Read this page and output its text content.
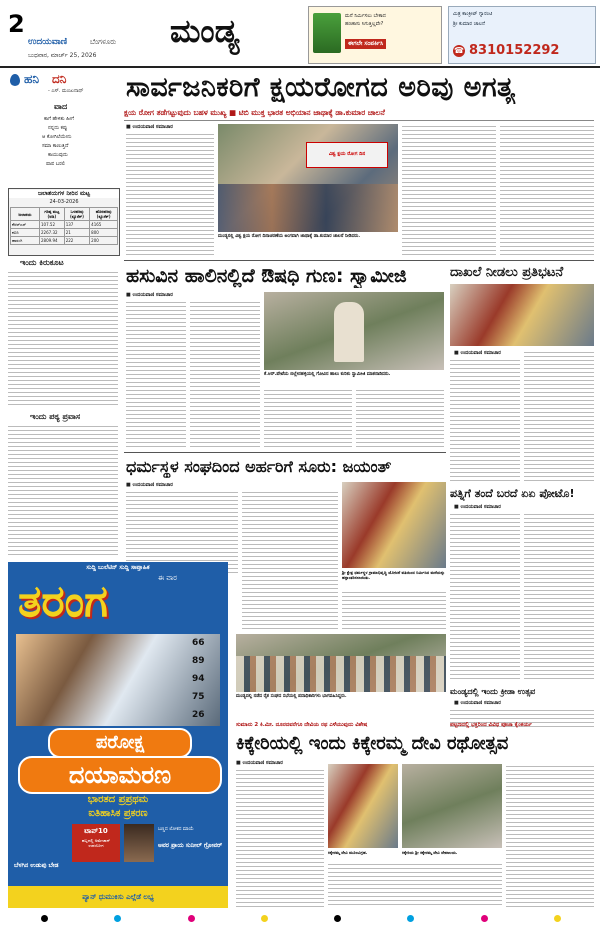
2
ಉದಯವಾಣಿ	ಬೆಂಗಳೂರು
ಬುಧವಾರ, ಮಾರ್ಚ್ 25, 2026
ಮಂಡ್ಯ	ಮನೆ ನಿರ್ಮಿಸಲು ಬೇಕಾದ
ಹಣಕಾಸು ಸಿಗುತ್ತಿಲ್ಲವೇ?
ಈಗಲೇ ಸಂಪರ್ಕಿಸಿ
ಮಿತ್ರ ಕಾಂಕ್ರೀಟ್ ಗ್ಯಾರಂಟಿ
ಶ್ರೀ ಕುಮಾರ ಚಾಲನೆ
☎ 8310152292
ಹನಿ ದನಿ
- ಎಸ್. ಮಂಜುನಾಥ್
ವಾದ
ಕಾಗೆ ಹೇಳಿತು ಹೀಗೆ
ನನ್ನದು ಕಪ್ಪು
ಆ ಕೋಗಿಲೆಯೇನು
ಸಮಾ ಕಾಣುತ್ತಿದೆ
ಕಾಯುವುದು
ಪಾಪ ಬರಲಿ
ಜಲಾಶಯಗಳ ನೀರಿನ ಮಟ್ಟ
24-03-2026
ಜಲಾಶಯ	ಗರಿಷ್ಠ ಮಟ್ಟ (ಅಡಿ)	ಒಳಹರಿವು (ಕ್ಯೂಸೆಕ್)	ಹೊರಹರಿವು (ಕ್ಯೂಸೆಕ್)
ಕೆಆರ್‌ಎಸ್	107.52	137	4165
ಕಬಿನಿ	2267.32	21	800
ಹಾರಂಗಿ	2809.94	222	200
ಇಂದು ಕಿರುಕೂಟ
ಇಂದು ಪಠ್ಯ ಪ್ರವಾಸ
ಸಾರ್ವಜನಿಕರಿಗೆ ಕ್ಷಯರೋಗದ ಅರಿವು ಅಗತ್ಯ
ಕ್ಷಯ ರೋಗ ತಡೆಗಟ್ಟುವುದು ಬಹಳ ಮುಖ್ಯ ■ ಟಿಬಿ ಮುಕ್ತ ಭಾರತ ಅಭಿಯಾನ ಜಾಥಾಕ್ಕೆ ಡಾ.ಕುಮಾರ ಚಾಲನೆ
■ ಉದಯವಾಣಿ ಸಮಾಚಾರ
ವಿಶ್ವ ಕ್ಷಯ ರೋಗ ದಿನ
ಮಂಡ್ಯನಲ್ಲಿ ವಿಶ್ವ ಕ್ಷಯ ರೋಗ ದಿನಾಚರಣೆಯ ಅಂಗವಾಗಿ ಜಾಥಾಕ್ಕೆ ಡಾ.ಕುಮಾರ ಚಾಲನೆ ನೀಡಿದರು.
ಹಸುವಿನ ಹಾಲಿನಲ್ಲಿದೆ ಔಷಧಿ ಗುಣ: ಸ್ವಾಮೀಜಿ
■ ಉದಯವಾಣಿ ಸಮಾಚಾರ
ಕೆ.ಆರ್.ಪೇಟೆಯ ಬಿಲ್ಲೇನಹಳ್ಳಿಯಲ್ಲಿ ಗೋವಿನ ಹಾಲು ಕುರಿತು ಸ್ವಾಮೀಜಿ ಮಾತನಾಡಿದರು.
ದಾಖಲೆ ನೀಡಲು ಪ್ರತಿಭಟನೆ
■ ಉದಯವಾಣಿ ಸಮಾಚಾರ
ಧರ್ಮಸ್ಥಳ ಸಂಘದಿಂದ ಅರ್ಹರಿಗೆ ಸೂರು: ಜಯಂತ್
■ ಉದಯವಾಣಿ ಸಮಾಚಾರ
ಶ್ರೀ ಕ್ಷೇತ್ರ ಧರ್ಮಸ್ಥಳ ಗ್ರಾಮಾಭಿವೃದ್ಧಿ ಯೋಜನೆ ವತಿಯಿಂದ ನಿರ್ಮಿಸಿದ ಮನೆಯನ್ನು ಹಸ್ತಾಂತರಿಸಲಾಯಿತು.
ಪತ್ನಿಗೆ ತಂದೆ ಬರದೆ ಏಏ ಪೋಟೊ!
■ ಉದಯವಾಣಿ ಸಮಾಚಾರ
ಮಂಡ್ಯದಲ್ಲಿ ನಡೆದ ರೈತ ಸಂಘದ ಸಭೆಯಲ್ಲಿ ಪದಾಧಿಕಾರಿಗಳು ಭಾಗವಹಿಸಿದ್ದರು.
ಮಂಡ್ಯದಲ್ಲಿ ಇಂದು ಕ್ರೀಡಾ ಉತ್ಸವ
■ ಉದಯವಾಣಿ ಸಮಾಚಾರ
ಸುಮಾರು 2 ಕಿ.ಮೀ. ದೂರದವರೆಗೂ ದೇವಿಯ ರಥ ಎಳೆಯುವುದು ವಿಶೇಷ	ಪಟ್ಟಣದಲ್ಲಿ ಭಕ್ತರಿಂದ ವಿವಿಧ ಪೂಜಾ ಕೈಂಕರ್ಯ
ಕಿಕ್ಕೇರಿಯಲ್ಲಿ ಇಂದು ಕಿಕ್ಕೇರಮ್ಮ ದೇವಿ ರಥೋತ್ಸವ
■ ಉದಯವಾಣಿ ಸಮಾಚಾರ
ಕಿಕ್ಕೇರಮ್ಮ ದೇವಿ ಮೂಲವಿಗ್ರಹ.	ಕಿಕ್ಕೇರಿಯ ಶ್ರೀ ಕಿಕ್ಕೇರಮ್ಮ ದೇವಿ ದೇವಾಲಯ.
ಸುದ್ದಿ ಬುಲೆಟಿನ್ ಸುದ್ದಿ ಸಾಪ್ತಾಹಿಕ
ಈ ವಾರ
ತರಂಗ
66
89
94
75
26
ಪರೋಕ್ಷ
ದಯಾಮರಣ
ಭಾರತದ ಪ್ರಪ್ರಥಮ
ಐತಿಹಾಸಿಕ ಪ್ರಕರಣ
ಟಾಪ್10
ಹಬ್ಬದಲ್ಲಿ ಅಮೇಜಾನ್ ಉಪಯೋಗ
ಬಣ್ಣದ ಲೋಕದ ಮಾಯೆ
ಅವರ ಪ್ರಾಯ ಸುನೀಲ್ ಗ್ರೋವರ್
ಬೆಳಗಿನ ಉಡುಪು ಬೇಡ
ಪ್ಯಾನ್ ಧುಮುಕಿಸು ಎಲ್ಲೆಡೆ ಲಭ್ಯ
